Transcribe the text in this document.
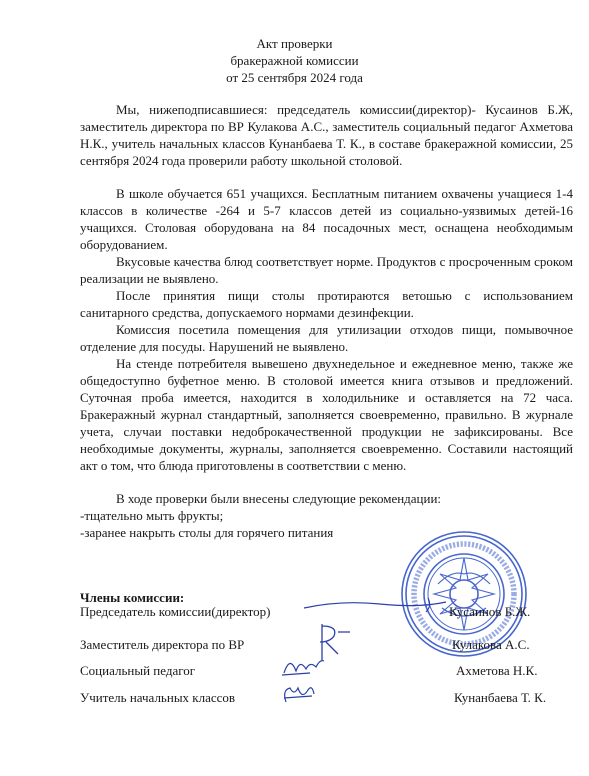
Акт проверки
бракеражной комиссии
от 25 сентября 2024 года

Мы, нижеподписавшиеся: председатель комиссии(директор)- Кусаинов Б.Ж, заместитель директора по ВР Кулакова А.С., заместитель социальный педагог Ахметова Н.К., учитель начальных классов Кунанбаева Т. К., в составе бракеражной комиссии, 25 сентября 2024 года проверили работу школьной столовой.

В школе обучается 651 учащихся. Бесплатным питанием охвачены учащиеся 1-4 классов в количестве -264 и 5-7 классов детей из социально-уязвимых детей-16 учащихся. Столовая оборудована на 84 посадочных мест, оснащена необходимым оборудованием.

Вкусовые качества блюд соответствует норме. Продуктов с просроченным сроком реализации не выявлено.

После принятия пищи столы протираются ветошью с использованием санитарного средства, допускаемого нормами дезинфекции.

Комиссия посетила помещения для утилизации отходов пищи, помывочное отделение для посуды. Нарушений не выявлено.

На стенде потребителя вывешено двухнедельное и ежедневное меню, также же общедоступно буфетное меню. В столовой имеется книга отзывов и предложений. Суточная проба имеется, находится в холодильнике и оставляется на 72 часа. Бракеражный журнал стандартный, заполняется своевременно, правильно. В журнале учета, случаи поставки недоброкачественной продукции не зафиксированы. Все необходимые документы, журналы, заполняется своевременно. Составили настоящий акт о том, что блюда приготовлены в соответствии с меню.

В ходе проверки были внесены следующие рекомендации:

-тщательно мыть фрукты;

-заранее накрыть столы для горячего питания

Члены комиссии:
Председатель комиссии(директор)	Кусаинов Б.Ж.
Заместитель директора по ВР	Кулакова А.С.
Социальный педагог	Ахметова Н.К.
Учитель начальных классов	Кунанбаева Т. К.
